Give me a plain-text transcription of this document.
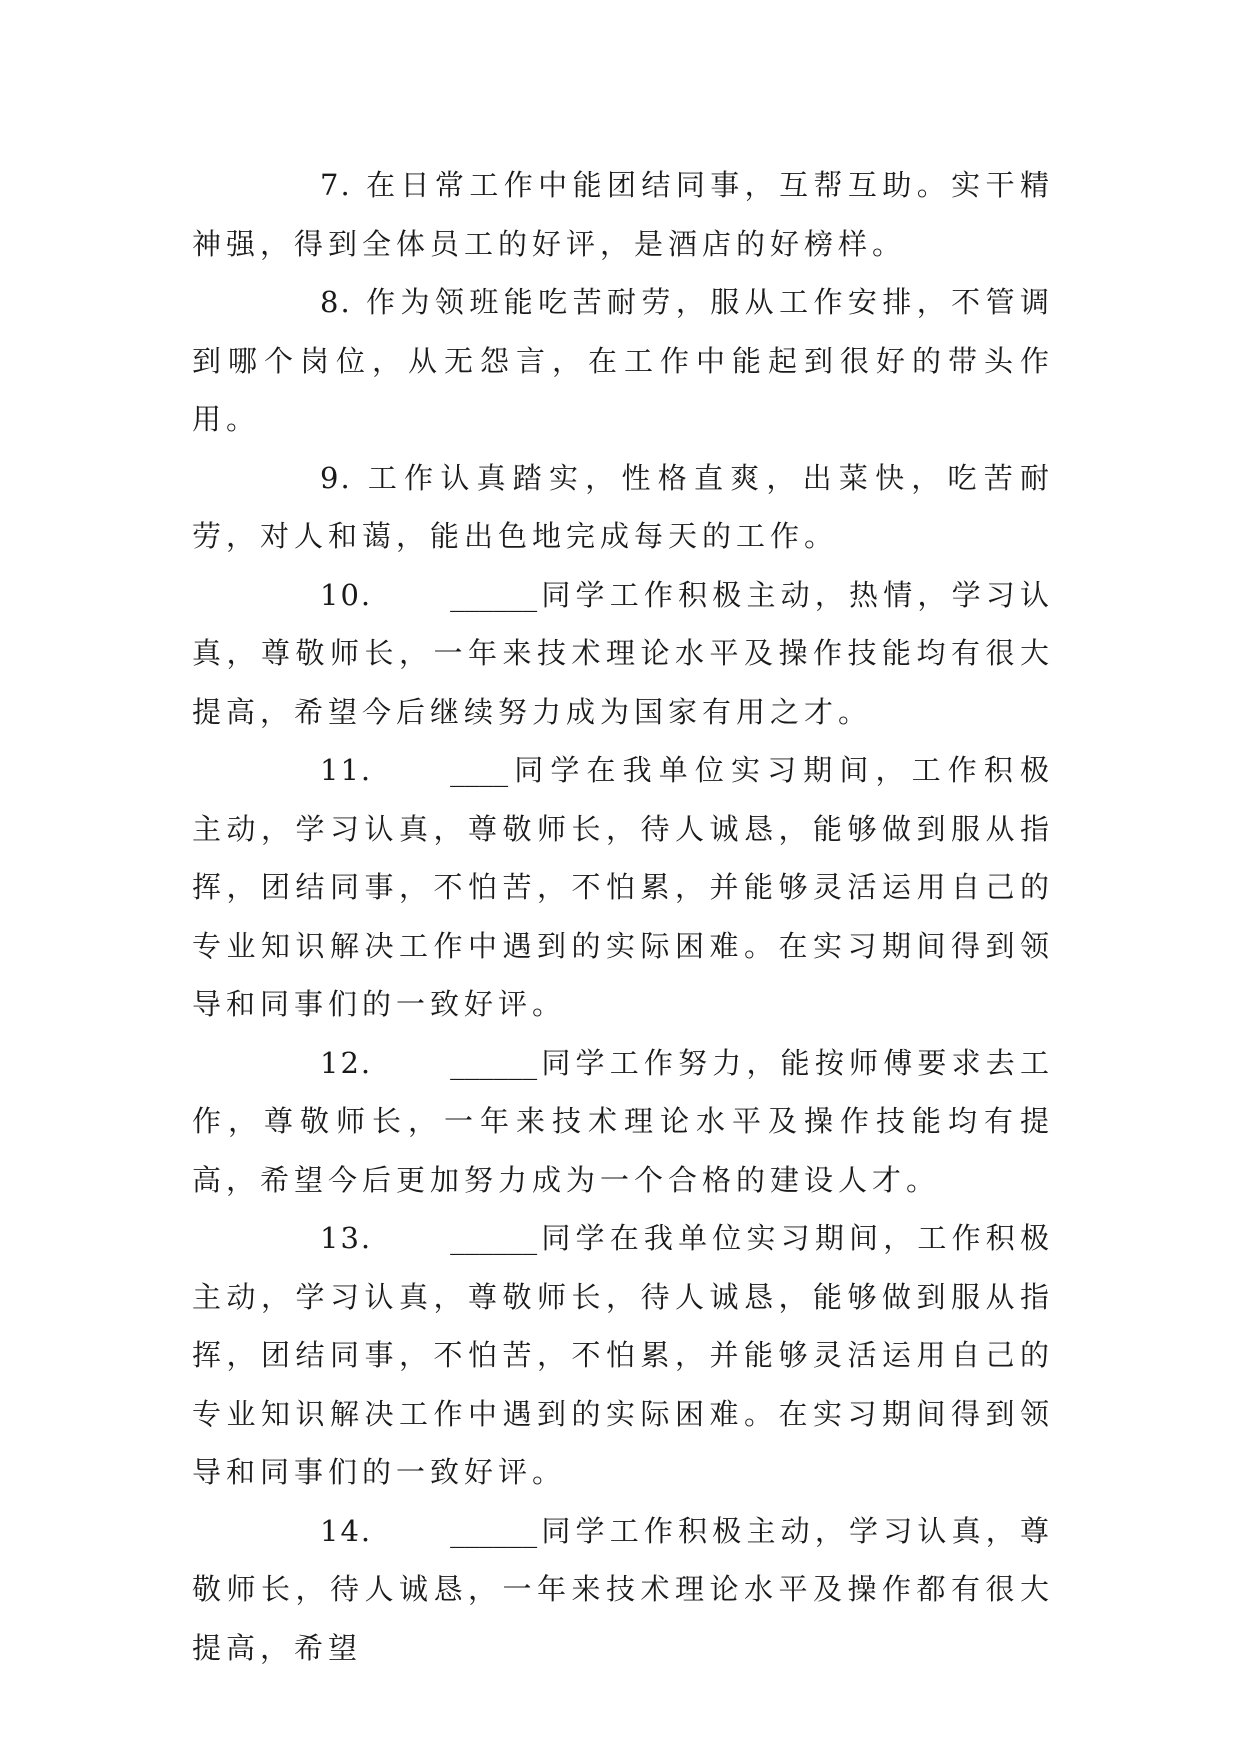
7. 在日常工作中能团结同事，互帮互助。实干精神强，得到全体员工的好评，是酒店的好榜样。

8. 作为领班能吃苦耐劳，服从工作安排，不管调到哪个岗位，从无怨言，在工作中能起到很好的带头作用。

9. 工作认真踏实，性格直爽，出菜快，吃苦耐劳，对人和蔼，能出色地完成每天的工作。

10.	______ 同学工作积极主动，热情，学习认真，尊敬师长，一年来技术理论水平及操作技能均有很大提高，希望今后继续努力成为国家有用之才。

11.	____ 同学在我单位实习期间，工作积极主动，学习认真，尊敬师长，待人诚恳，能够做到服从指挥，团结同事，不怕苦，不怕累，并能够灵活运用自己的专业知识解决工作中遇到的实际困难。在实习期间得到领导和同事们的一致好评。

12.	______ 同学工作努力，能按师傅要求去工作，尊敬师长，一年来技术理论水平及操作技能均有提高，希望今后更加努力成为一个合格的建设人才。

13.	______ 同学在我单位实习期间，工作积极主动，学习认真，尊敬师长，待人诚恳，能够做到服从指挥，团结同事，不怕苦，不怕累，并能够灵活运用自己的专业知识解决工作中遇到的实际困难。在实习期间得到领导和同事们的一致好评。

14.	______ 同学工作积极主动，学习认真，尊敬师长，待人诚恳，一年来技术理论水平及操作都有很大提高，希望
